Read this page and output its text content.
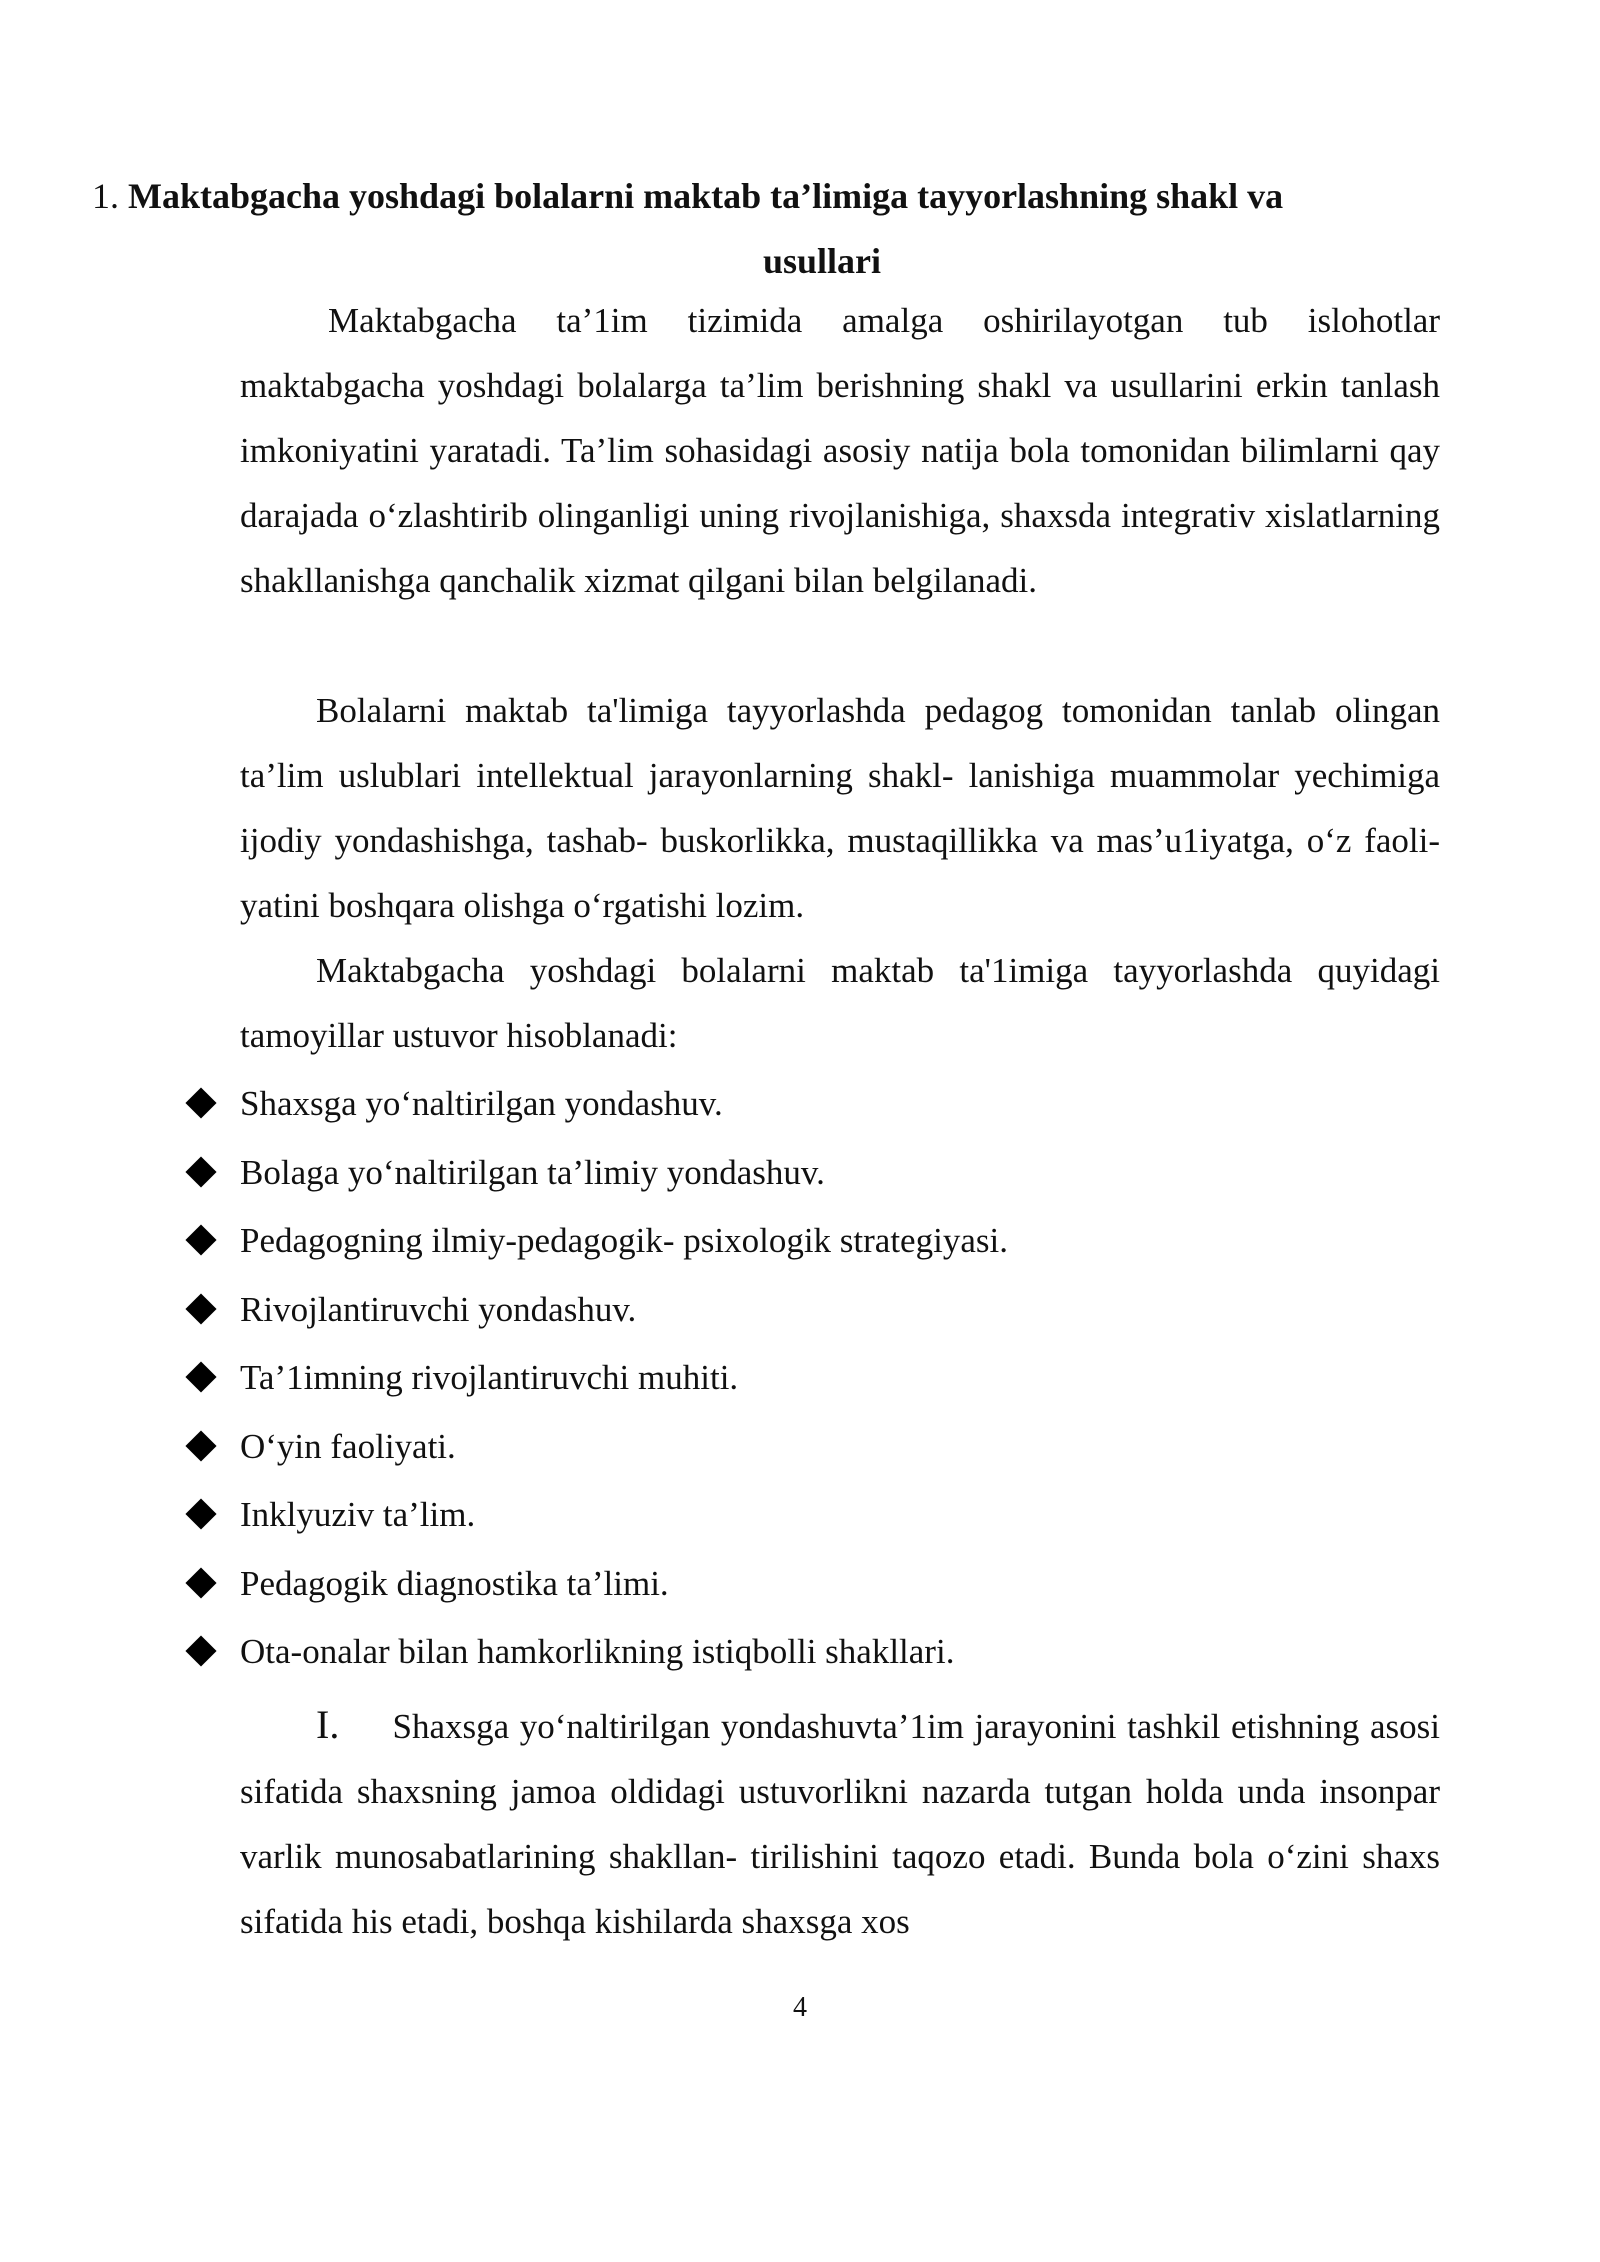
1. Maktabgacha yoshdagi bolalarni maktab ta’limiga tayyorlashning shakl va
usullari

Maktabgacha ta’1im tizimida amalga oshirilayotgan tub islohotlar maktabgacha yoshdagi bolalarga ta’lim berishning shakl va usullarini erkin tanlash imkoniyatini yaratadi. Ta’lim sohasidagi asosiy natija bola tomonidan bilimlarni qay darajada o‘zlashtirib olinganligi uning rivojlanishiga, shaxsda integrativ xislatlarning shakllanishga qanchalik xizmat qilgani bilan belgilanadi.

Bolalarni maktab ta'limiga tayyorlashda pedagog tomonidan tanlab olingan ta’lim uslublari intellektual jarayonlarning shakl- lanishiga muammolar yechimiga ijodiy yondashishga, tashab- buskorlikka, mustaqillikka va mas’u1iyatga, o‘z faoli- yatini boshqara olishga o‘rgatishi lozim.

Maktabgacha yoshdagi bolalarni maktab ta'1imiga tayyorlashda quyidagi tamoyillar ustuvor hisoblanadi:

Shaxsga yo‘naltirilgan yondashuv.
Bolaga yo‘naltirilgan ta’limiy yondashuv.
Pedagogning ilmiy-pedagogik- psixologik strategiyasi.
Rivojlantiruvchi yondashuv.
Ta’1imning rivojlantiruvchi muhiti.
O‘yin faoliyati.
Inklyuziv ta’lim.
Pedagogik diagnostika ta’limi.
Ota-onalar bilan hamkorlikning istiqbolli shakllari.

I. Shaxsga yo‘naltirilgan yondashuvta’1im jarayonini tashkil etishning asosi sifatida shaxsning jamoa oldidagi ustuvorlikni nazarda tutgan holda unda insonpar varlik munosabatlarining shakllan- tirilishini taqozo etadi. Bunda bola o‘zini shaxs sifatida his etadi, boshqa kishilarda shaxsga xos

4
